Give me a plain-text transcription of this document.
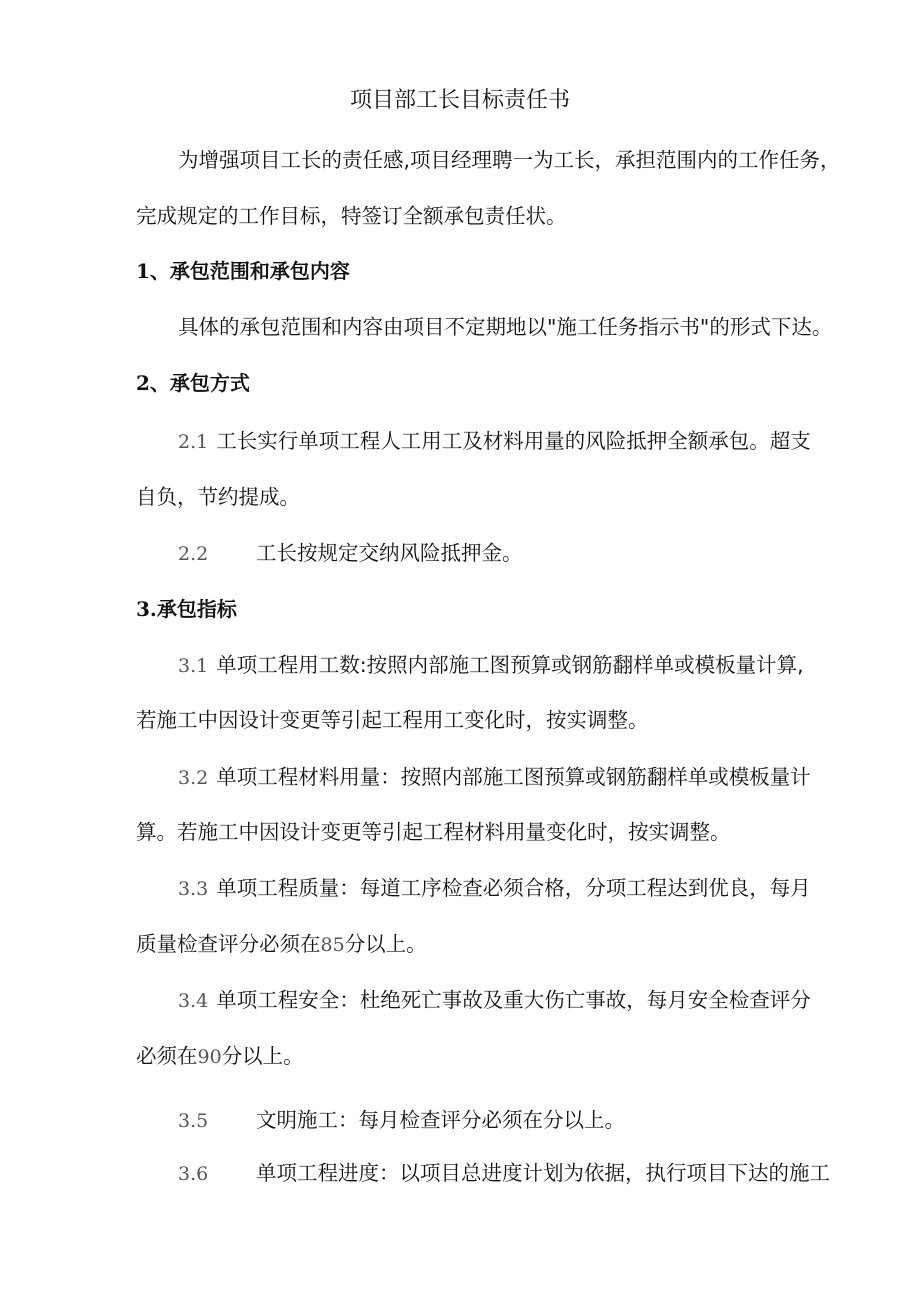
项目部工长目标责任书
为增强项目工长的责任感,项目经理聘一为工长，承担范围内的工作任务，
完成规定的工作目标，特签订全额承包责任状。
1、承包范围和承包内容
具体的承包范围和内容由项目不定期地以"施工任务指示书"的形式下达。
2、承包方式
2.1 工长实行单项工程人工用工及材料用量的风险抵押全额承包。超支
自负，节约提成。
2.2 工长按规定交纳风险抵押金。
3.承包指标
3.1 单项工程用工数:按照内部施工图预算或钢筋翻样单或模板量计算,
若施工中因设计变更等引起工程用工变化时，按实调整。
3.2 单项工程材料用量：按照内部施工图预算或钢筋翻样单或模板量计
算。若施工中因设计变更等引起工程材料用量变化时，按实调整。
3.3 单项工程质量：每道工序检查必须合格，分项工程达到优良，每月
质量检查评分必须在85分以上。
3.4 单项工程安全：杜绝死亡事故及重大伤亡事故，每月安全检查评分
必须在90分以上。
3.5 文明施工：每月检查评分必须在分以上。
3.6 单项工程进度：以项目总进度计划为依据，执行项目下达的施工
